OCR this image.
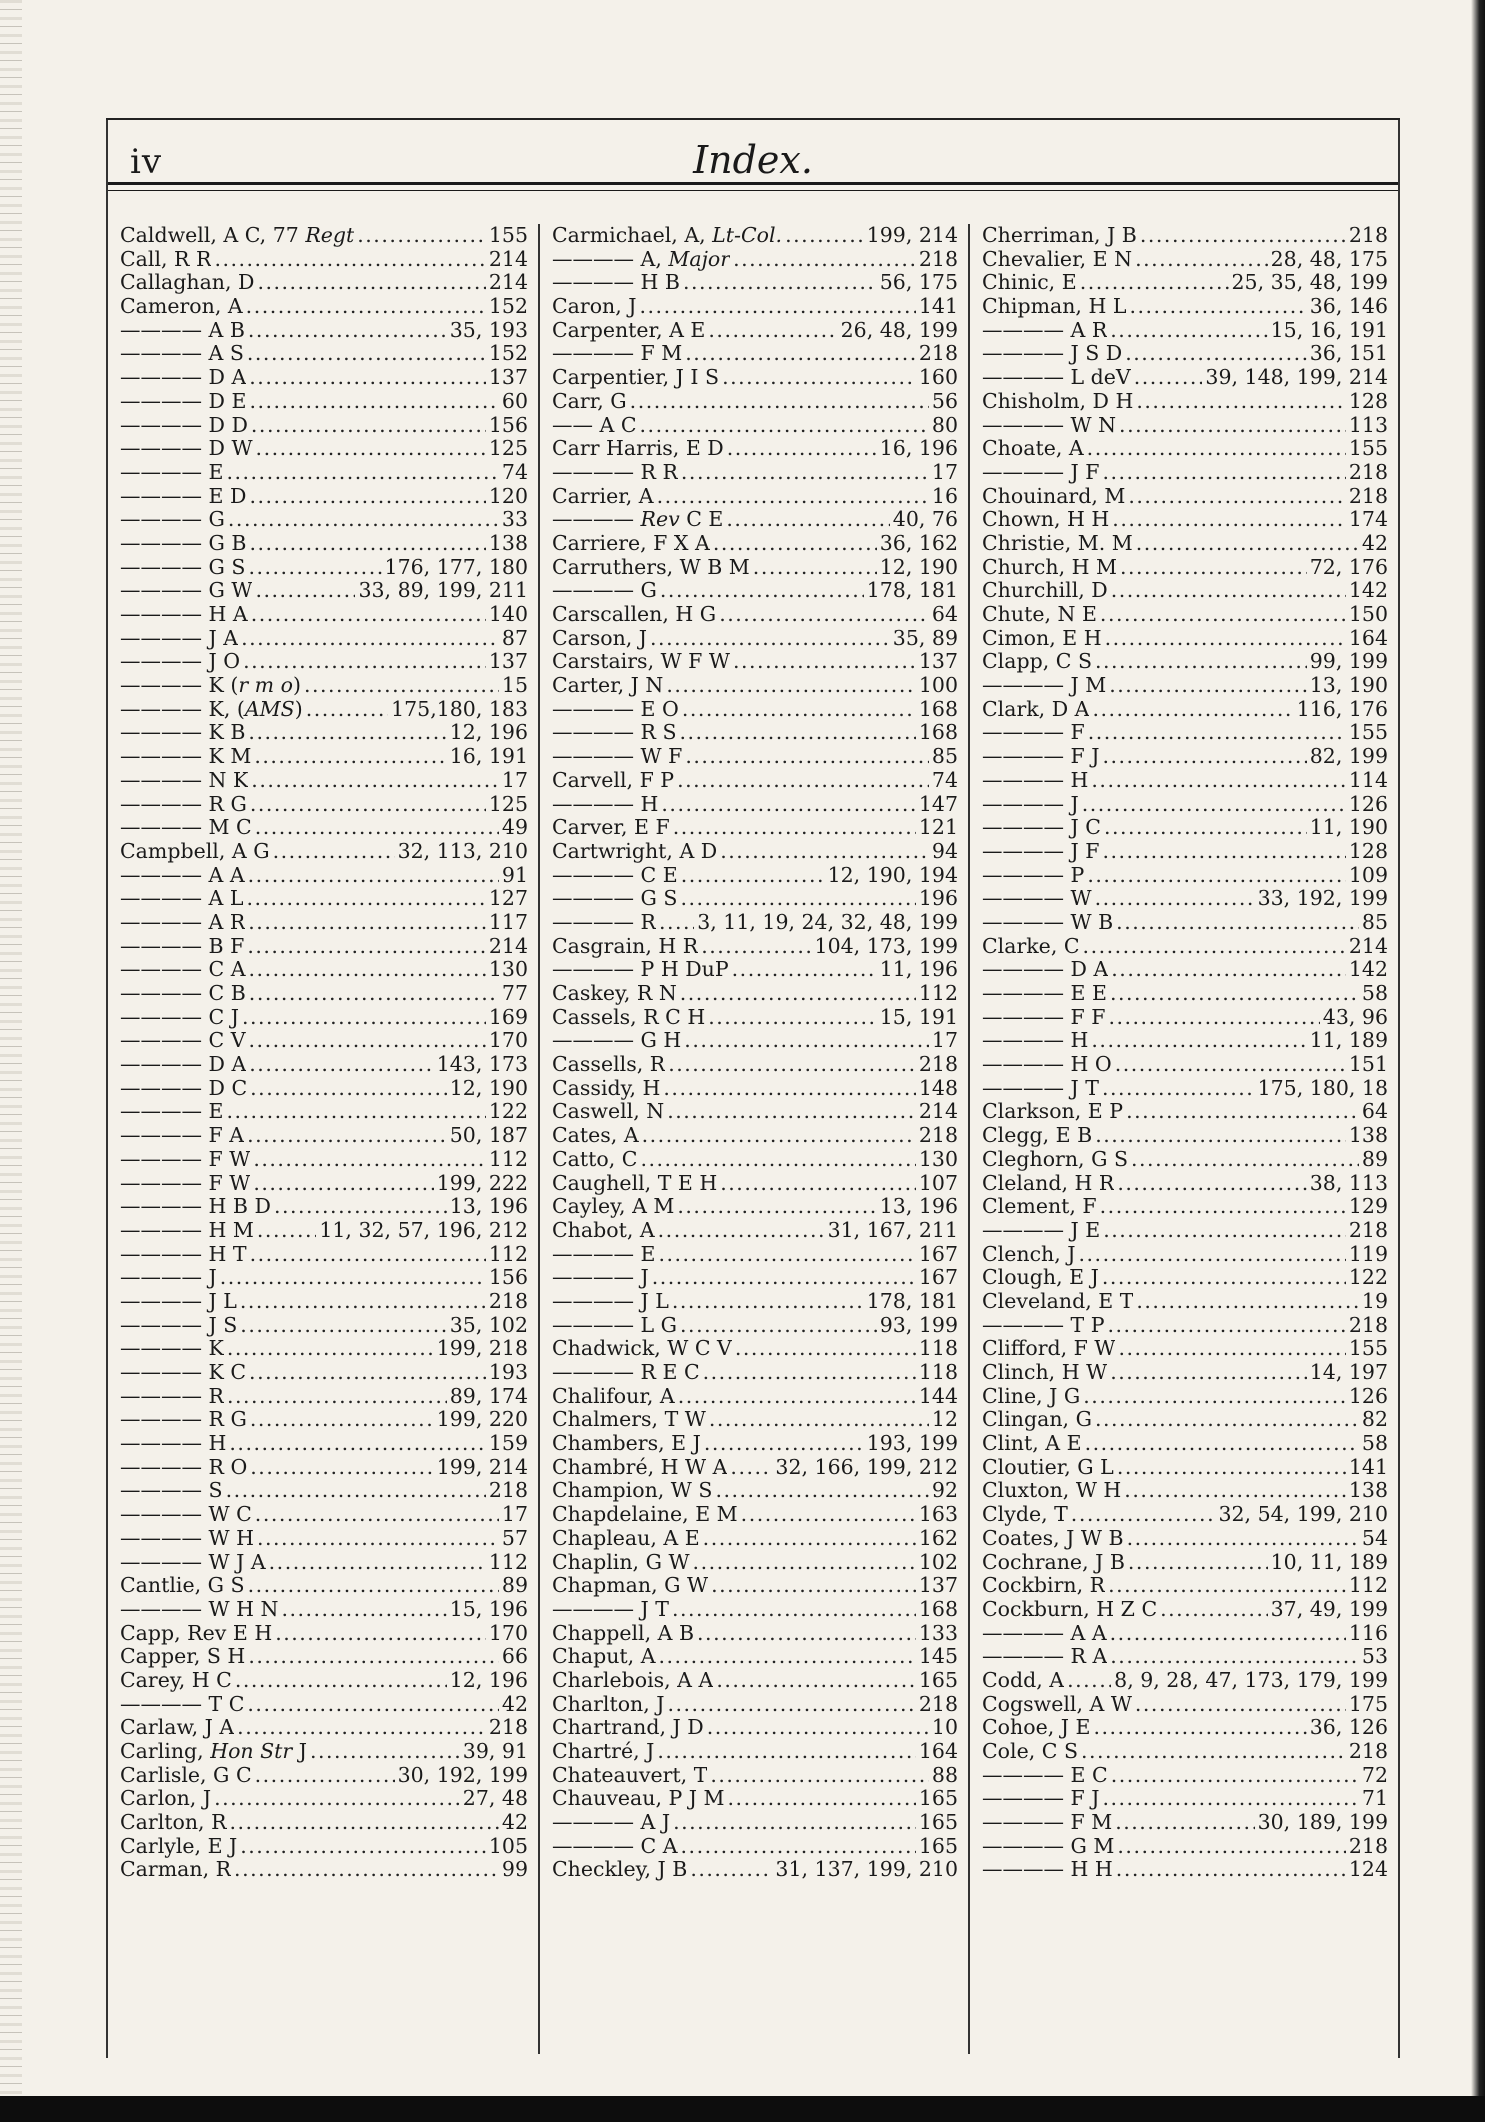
iv	Index.
Caldwell, A C, 77 Regt .....	155
Call, R R .....	214
Callaghan, D .....	214
Cameron, A .....	152
———— A B .....	35, 193
———— A S .....	152
———— D A .....	137
———— D E .....	60
———— D D .....	156
———— D W .....	125
———— E .....	74
———— E D .....	120
———— G .....	33
———— G B .....	138
———— G S .....	176, 177, 180
———— G W .....	33, 89, 199, 211
———— H A .....	140
———— J A .....	87
———— J O .....	137
———— K (r m o) .....	15
———— K, (AMS) .....	175,180, 183
———— K B .....	12, 196
———— K M .....	16, 191
———— N K .....	17
———— R G .....	125
———— M C .....	49
Campbell, A G .....	32, 113, 210
———— A A .....	91
———— A L .....	127
———— A R .....	117
———— B F .....	214
———— C A .....	130
———— C B .....	77
———— C J .....	169
———— C V .....	170
———— D A .....	143, 173
———— D C .....	12, 190
———— E .....	122
———— F A .....	50, 187
———— F W .....	112
———— F W .....	199, 222
———— H B D .....	13, 196
———— H M .....	11, 32, 57, 196, 212
———— H T .....	112
———— J .....	156
———— J L .....	218
———— J S .....	35, 102
———— K .....	199, 218
———— K C .....	193
———— R .....	89, 174
———— R G .....	199, 220
———— H .....	159
———— R O .....	199, 214
———— S .....	218
———— W C .....	17
———— W H .....	57
———— W J A .....	112
Cantlie, G S .....	89
———— W H N .....	15, 196
Capp, Rev E H .....	170
Capper, S H .....	66
Carey, H C .....	12, 196
———— T C .....	42
Carlaw, J A .....	218
Carling, Hon Str J .....	39, 91
Carlisle, G C .....	30, 192, 199
Carlon, J .....	27, 48
Carlton, R .....	42
Carlyle, E J .....	105
Carman, R .....	99
Carmichael, A, Lt-Col. .....	199, 214
———— A, Major .....	218
———— H B .....	56, 175
Caron, J .....	141
Carpenter, A E .....	26, 48, 199
———— F M .....	218
Carpentier, J I S .....	160
Carr, G .....	56
—— A C .....	80
Carr Harris, E D .....	16, 196
———— R R .....	17
Carrier, A .....	16
———— Rev C E .....	40, 76
Carriere, F X A .....	36, 162
Carruthers, W B M .....	12, 190
———— G .....	178, 181
Carscallen, H G .....	64
Carson, J .....	35, 89
Carstairs, W F W .....	137
Carter, J N .....	100
———— E O .....	168
———— R S .....	168
———— W F .....	85
Carvell, F P .....	74
———— H .....	147
Carver, E F .....	121
Cartwright, A D .....	94
———— C E .....	12, 190, 194
———— G S .....	196
———— R ..... 3, 11, 19, 24, 32, 48, 199
Casgrain, H R .....	104, 173, 199
———— P H DuP .....	11, 196
Caskey, R N .....	112
Cassels, R C H .....	15, 191
———— G H .....	17
Cassells, R .....	218
Cassidy, H .....	148
Caswell, N .....	214
Cates, A .....	218
Catto, C .....	130
Caughell, T E H .....	107
Cayley, A M .....	13, 196
Chabot, A .....	31, 167, 211
———— E .....	167
———— J .....	167
———— J L .....	178, 181
———— L G .....	93, 199
Chadwick, W C V .....	118
———— R E C .....	118
Chalifour, A .....	144
Chalmers, T W .....	12
Chambers, E J .....	193, 199
Chambré, H W A ..... 32, 166, 199, 212
Champion, W S .....	92
Chapdelaine, E M .....	163
Chapleau, A E .....	162
Chaplin, G W .....	102
Chapman, G W .....	137
———— J T .....	168
Chappell, A B .....	133
Chaput, A .....	145
Charlebois, A A .....	165
Charlton, J .....	218
Chartrand, J D .....	10
Chartré, J .....	164
Chateauvert, T .....	88
Chauveau, P J M .....	165
———— A J .....	165
———— C A .....	165
Checkley, J B .....	31, 137, 199, 210
Cherriman, J B .....	218
Chevalier, E N .....	28, 48, 175
Chinic, E .....	25, 35, 48, 199
Chipman, H L .....	36, 146
———— A R .....	15, 16, 191
———— J S D .....	36, 151
———— L deV .....	39, 148, 199, 214
Chisholm, D H .....	128
———— W N .....	113
Choate, A .....	155
———— J F .....	218
Chouinard, M .....	218
Chown, H H .....	174
Christie, M. M .....	42
Church, H M .....	72, 176
Churchill, D .....	142
Chute, N E .....	150
Cimon, E H .....	164
Clapp, C S .....	99, 199
———— J M .....	13, 190
Clark, D A .....	116, 176
———— F .....	155
———— F J .....	82, 199
———— H .....	114
———— J .....	126
———— J C .....	11, 190
———— J F .....	128
———— P .....	109
———— W .....	33, 192, 199
———— W B .....	85
Clarke, C .....	214
———— D A .....	142
———— E E .....	58
———— F F .....	43, 96
———— H .....	11, 189
———— H O .....	151
———— J T .....	175, 180, 18
Clarkson, E P .....	64
Clegg, E B .....	138
Cleghorn, G S .....	89
Cleland, H R .....	38, 113
Clement, F .....	129
———— J E .....	218
Clench, J .....	119
Clough, E J .....	122
Cleveland, E T .....	19
———— T P .....	218
Clifford, F W .....	155
Clinch, H W .....	14, 197
Cline, J G .....	126
Clingan, G .....	82
Clint, A E .....	58
Cloutier, G L .....	141
Cluxton, W H .....	138
Clyde, T .....	32, 54, 199, 210
Coates, J W B .....	54
Cochrane, J B .....	10, 11, 189
Cockbirn, R .....	112
Cockburn, H Z C .....	37, 49, 199
———— A A .....	116
———— R A .....	53
Codd, A ..... 8, 9, 28, 47, 173, 179, 199
Cogswell, A W .....	175
Cohoe, J E .....	36, 126
Cole, C S .....	218
———— E C .....	72
———— F J .....	71
———— F M .....	30, 189, 199
———— G M .....	218
———— H H .....	124
